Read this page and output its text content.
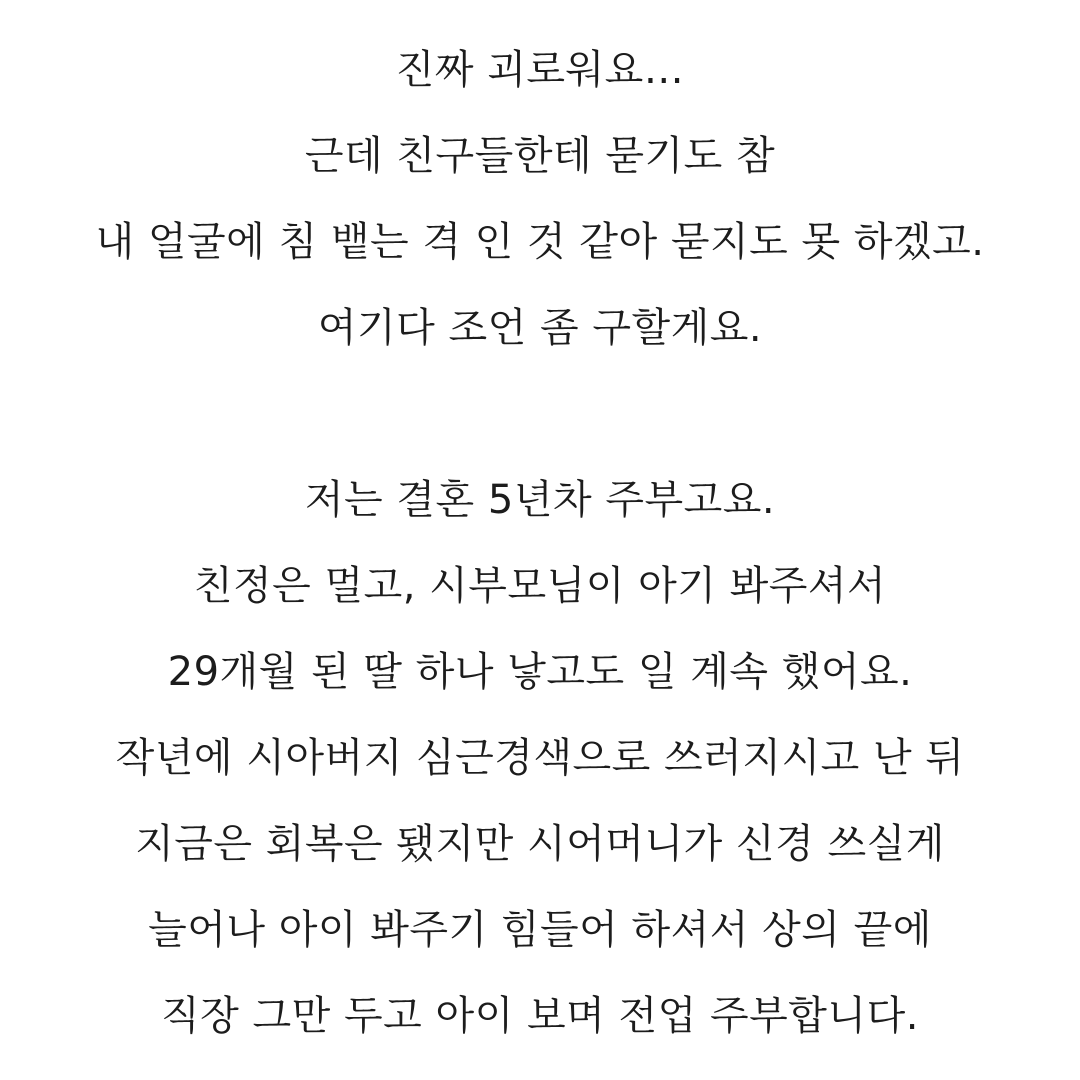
진짜 괴로워요…
근데 친구들한테 묻기도 참
내 얼굴에 침 뱉는 격 인 것 같아 묻지도 못 하겠고.
여기다 조언 좀 구할게요.
저는 결혼 5년차 주부고요.
친정은 멀고, 시부모님이 아기 봐주셔서
29개월 된 딸 하나 낳고도 일 계속 했어요.
작년에 시아버지 심근경색으로 쓰러지시고 난 뒤
지금은 회복은 됐지만 시어머니가 신경 쓰실게
늘어나 아이 봐주기 힘들어 하셔서 상의 끝에
직장 그만 두고 아이 보며 전업 주부합니다.
